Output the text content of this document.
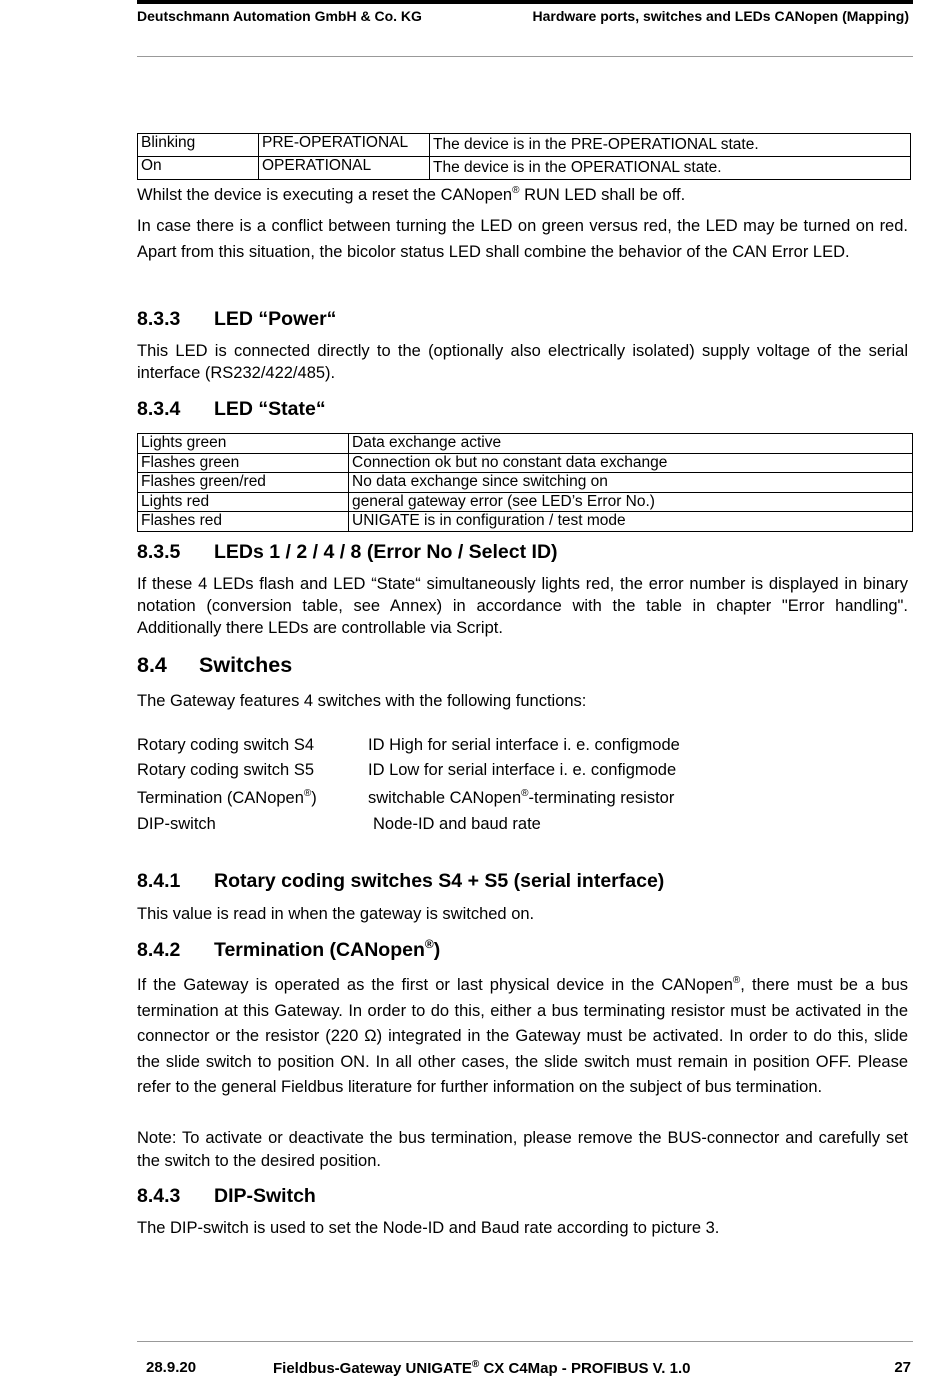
Deutschmann Automation GmbH & Co. KG	Hardware ports, switches and LEDs CANopen (Mapping)
Blinking	PRE-OPERATIONAL	The device is in the PRE-OPERATIONAL state.
On	OPERATIONAL	The device is in the OPERATIONAL state.
Whilst the device is executing a reset the CANopen® RUN LED shall be off.
In case there is a conflict between turning the LED on green versus red, the LED may be turned on red. Apart from this situation, the bicolor status LED shall combine the behavior of the CAN Error LED.
8.3.3 LED “Power“
This LED is connected directly to the (optionally also electrically isolated) supply voltage of the serial interface (RS232/422/485).
8.3.4 LED “State“
Lights green	Data exchange active
Flashes green	Connection ok but no constant data exchange
Flashes green/red	No data exchange since switching on
Lights red	general gateway error (see LED’s Error No.)
Flashes red	UNIGATE is in configuration / test mode
8.3.5 LEDs 1 / 2 / 4 / 8 (Error No / Select ID)
If these 4 LEDs flash and LED “State“ simultaneously lights red, the error number is displayed in binary notation (conversion table, see Annex) in accordance with the table in chapter "Error handling". Additionally there LEDs are controllable via Script.
8.4 Switches
The Gateway features 4 switches with the following functions:
Rotary coding switch S4	ID High for serial interface i. e. configmode
Rotary coding switch S5	ID Low for serial interface i. e. configmode
Termination (CANopen®)	switchable CANopen®-terminating resistor
DIP-switch	Node-ID and baud rate
8.4.1 Rotary coding switches S4 + S5 (serial interface)
This value is read in when the gateway is switched on.
8.4.2 Termination (CANopen®)
If the Gateway is operated as the first or last physical device in the CANopen®, there must be a bus termination at this Gateway. In order to do this, either a bus terminating resistor must be activated in the connector or the resistor (220 Ω) integrated in the Gateway must be activated. In order to do this, slide the slide switch to position ON. In all other cases, the slide switch must remain in position OFF. Please refer to the general Fieldbus literature for further information on the subject of bus termination.
Note: To activate or deactivate the bus termination, please remove the BUS-connector and carefully set the switch to the desired position.
8.4.3 DIP-Switch
The DIP-switch is used to set the Node-ID and Baud rate according to picture 3.
28.9.20	Fieldbus-Gateway UNIGATE® CX C4Map - PROFIBUS V. 1.0	27
